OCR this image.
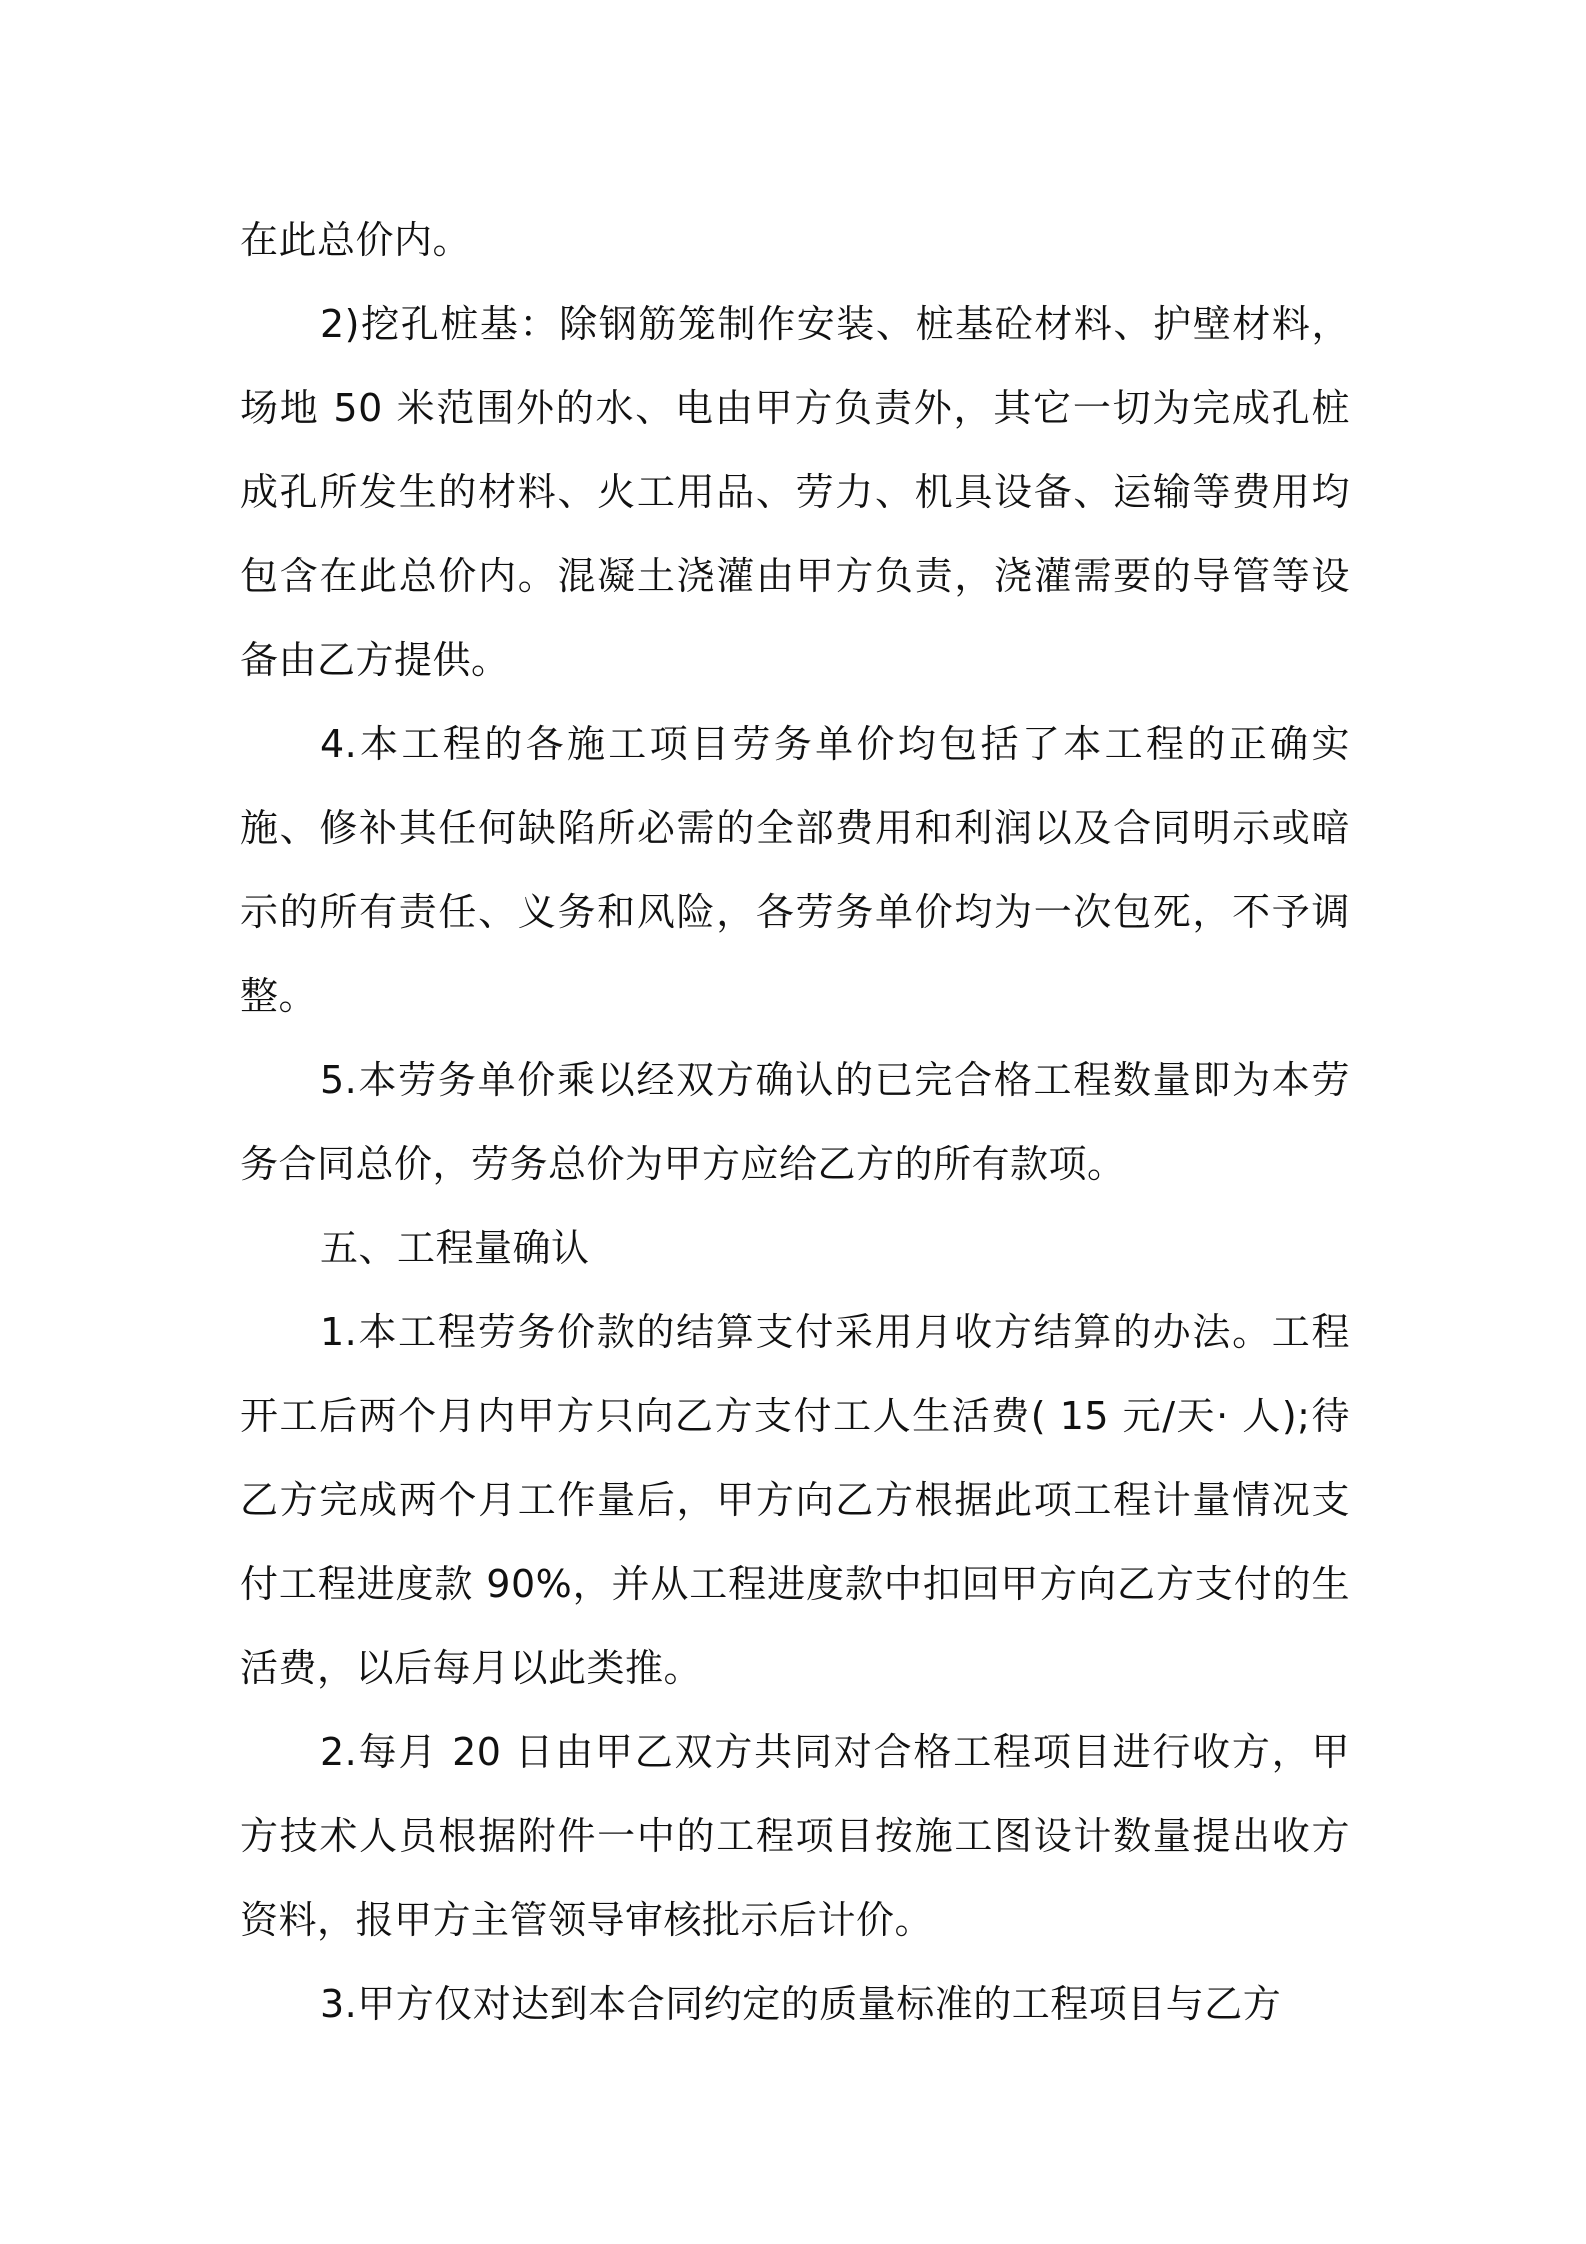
在此总价内。

2)挖孔桩基：除钢筋笼制作安装、桩基砼材料、护壁材料，场地 50 米范围外的水、电由甲方负责外，其它一切为完成孔桩成孔所发生的材料、火工用品、劳力、机具设备、运输等费用均包含在此总价内。混凝土浇灌由甲方负责，浇灌需要的导管等设备由乙方提供。

4.本工程的各施工项目劳务单价均包括了本工程的正确实施、修补其任何缺陷所必需的全部费用和利润以及合同明示或暗示的所有责任、义务和风险，各劳务单价均为一次包死，不予调整。

5.本劳务单价乘以经双方确认的已完合格工程数量即为本劳务合同总价，劳务总价为甲方应给乙方的所有款项。

五、工程量确认

1.本工程劳务价款的结算支付采用月收方结算的办法。工程开工后两个月内甲方只向乙方支付工人生活费( 15 元/天· 人);待乙方完成两个月工作量后，甲方向乙方根据此项工程计量情况支付工程进度款 90%，并从工程进度款中扣回甲方向乙方支付的生活费，以后每月以此类推。

2.每月 20 日由甲乙双方共同对合格工程项目进行收方，甲方技术人员根据附件一中的工程项目按施工图设计数量提出收方资料，报甲方主管领导审核批示后计价。

3.甲方仅对达到本合同约定的质量标准的工程项目与乙方
